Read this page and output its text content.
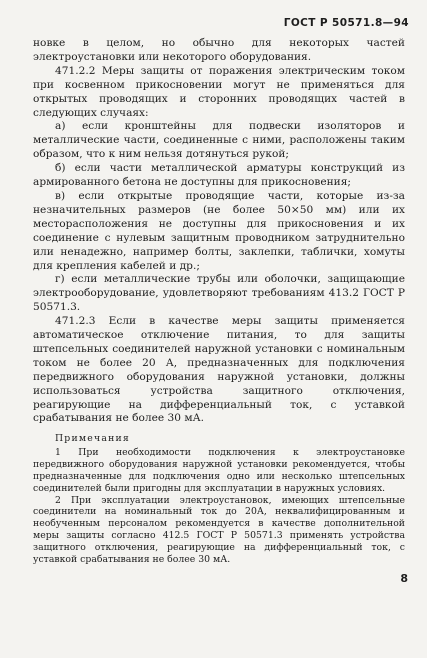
ГОСТ Р 50571.8—94

новке в целом, но обычно для некоторых частей электроустановки или некоторого оборудования.

471.2.2 Меры защиты от поражения электрическим током при косвенном прикосновении могут не применяться для открытых проводящих и сторонних проводящих частей в следующих случаях:

а) если кронштейны для подвески изоляторов и металлические части, соединенные с ними, расположены таким образом, что к ним нельзя дотянуться рукой;

б) если части металлической арматуры конструкций из армированного бетона не доступны для прикосновения;

в) если открытые проводящие части, которые из-за незначительных размеров (не более 50×50 мм) или их месторасположения не доступны для прикосновения и их соединение с нулевым защитным проводником затруднительно или ненадежно, например болты, заклепки, таблички, хомуты для крепления кабелей и др.;

г) если металлические трубы или оболочки, защищающие электрооборудование, удовлетворяют требованиям 413.2 ГОСТ Р 50571.3.

471.2.3 Если в качестве меры защиты применяется автоматическое отключение питания, то для защиты штепсельных соединителей наружной установки с номинальным током не более 20 А, предназначенных для подключения передвижного оборудования наружной установки, должны использоваться устройства защитного отключения, реагирующие на дифференциальный ток, с уставкой срабатывания не более 30 мА.

Примечания

1 При необходимости подключения к электроустановке передвижного оборудования наружной установки рекомендуется, чтобы предназначенные для подключения одно или несколько штепсельных соединителей были пригодны для эксплуатации в наружных условиях.

2 При эксплуатации электроустановок, имеющих штепсельные соединители на номинальный ток до 20А, неквалифицированным и необученным персоналом рекомендуется в качестве дополнительной меры защиты согласно 412.5 ГОСТ Р 50571.3 применять устройства защитного отключения, реагирующие на дифференциальный ток, с уставкой срабатывания не более 30 мА.

8
